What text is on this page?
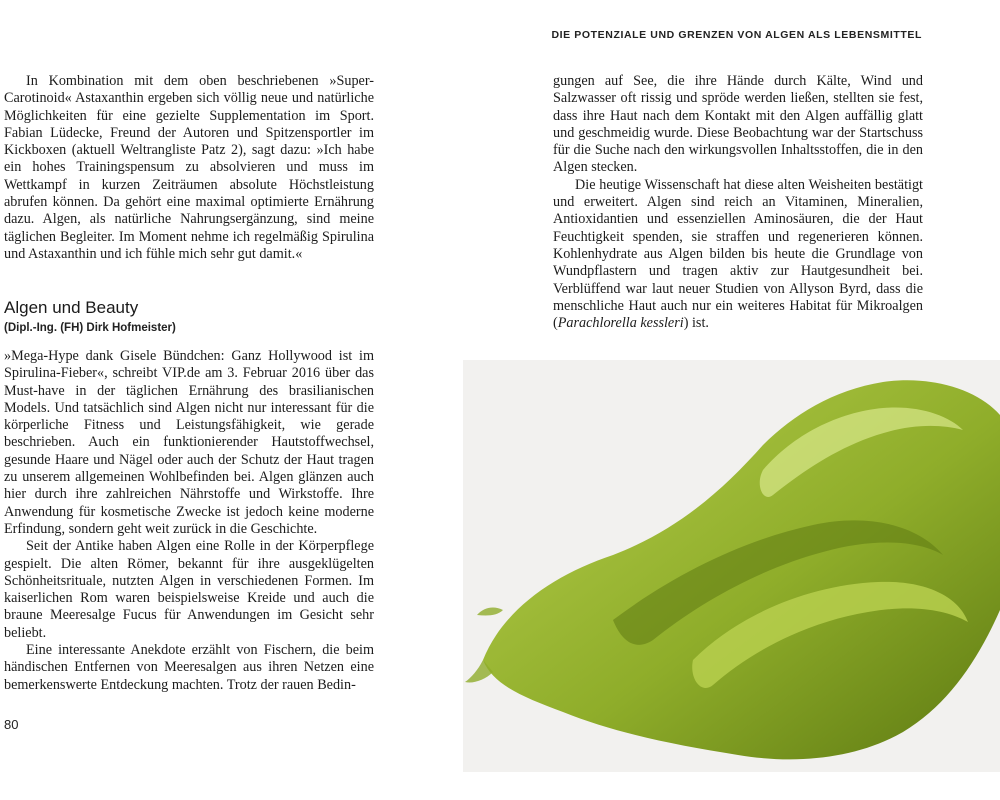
DIE POTENZIALE UND GRENZEN VON ALGEN ALS LEBENSMITTEL

In Kombination mit dem oben beschriebenen »Super-Carotinoid« Astaxanthin ergeben sich völlig neue und natürliche Möglichkeiten für eine gezielte Supplementation im Sport. Fabian Lüdecke, Freund der Autoren und Spitzensportler im Kickboxen (aktuell Weltrangliste Patz 2), sagt dazu: »Ich habe ein hohes Trainingspensum zu absolvieren und muss im Wettkampf in kurzen Zeiträumen absolute Höchstleistung abrufen können. Da gehört eine maximal optimierte Ernährung dazu. Algen, als natürliche Nahrungsergänzung, sind meine täglichen Begleiter. Im Moment nehme ich regelmäßig Spirulina und Astaxanthin und ich fühle mich sehr gut damit.«

Algen und Beauty
(Dipl.-Ing. (FH) Dirk Hofmeister)

»Mega-Hype dank Gisele Bündchen: Ganz Hollywood ist im Spirulina-Fieber«, schreibt VIP.de am 3. Februar 2016 über das Must-have in der täglichen Ernährung des brasilianischen Models. Und tatsächlich sind Algen nicht nur interessant für die körperliche Fitness und Leistungsfähigkeit, wie gerade beschrieben. Auch ein funktionierender Hautstoffwechsel, gesunde Haare und Nägel oder auch der Schutz der Haut tragen zu unserem allgemeinen Wohlbefinden bei. Algen glänzen auch hier durch ihre zahlreichen Nährstoffe und Wirkstoffe. Ihre Anwendung für kosmetische Zwecke ist jedoch keine moderne Erfindung, sondern geht weit zurück in die Geschichte.

Seit der Antike haben Algen eine Rolle in der Körperpflege gespielt. Die alten Römer, bekannt für ihre ausgeklügelten Schönheitsrituale, nutzten Algen in verschiedenen Formen. Im kaiserlichen Rom waren beispielsweise Kreide und auch die braune Meeresalge Fucus für Anwendungen im Gesicht sehr beliebt.

Eine interessante Anekdote erzählt von Fischern, die beim händischen Entfernen von Meeresalgen aus ihren Netzen eine bemerkenswerte Entdeckung machten. Trotz der rauen Bedin-

80

gungen auf See, die ihre Hände durch Kälte, Wind und Salzwasser oft rissig und spröde werden ließen, stellten sie fest, dass ihre Haut nach dem Kontakt mit den Algen auffällig glatt und geschmeidig wurde. Diese Beobachtung war der Startschuss für die Suche nach den wirkungsvollen Inhaltsstoffen, die in den Algen stecken.

Die heutige Wissenschaft hat diese alten Weisheiten bestätigt und erweitert. Algen sind reich an Vitaminen, Mineralien, Antioxidantien und essenziellen Aminosäuren, die der Haut Feuchtigkeit spenden, sie straffen und regenerieren können. Kohlenhydrate aus Algen bilden bis heute die Grundlage von Wundpflastern und tragen aktiv zur Hautgesundheit bei. Verblüffend war laut neuer Studien von Allyson Byrd, dass die menschliche Haut auch nur ein weiteres Habitat für Mikroalgen (Parachlorella kessleri) ist.
